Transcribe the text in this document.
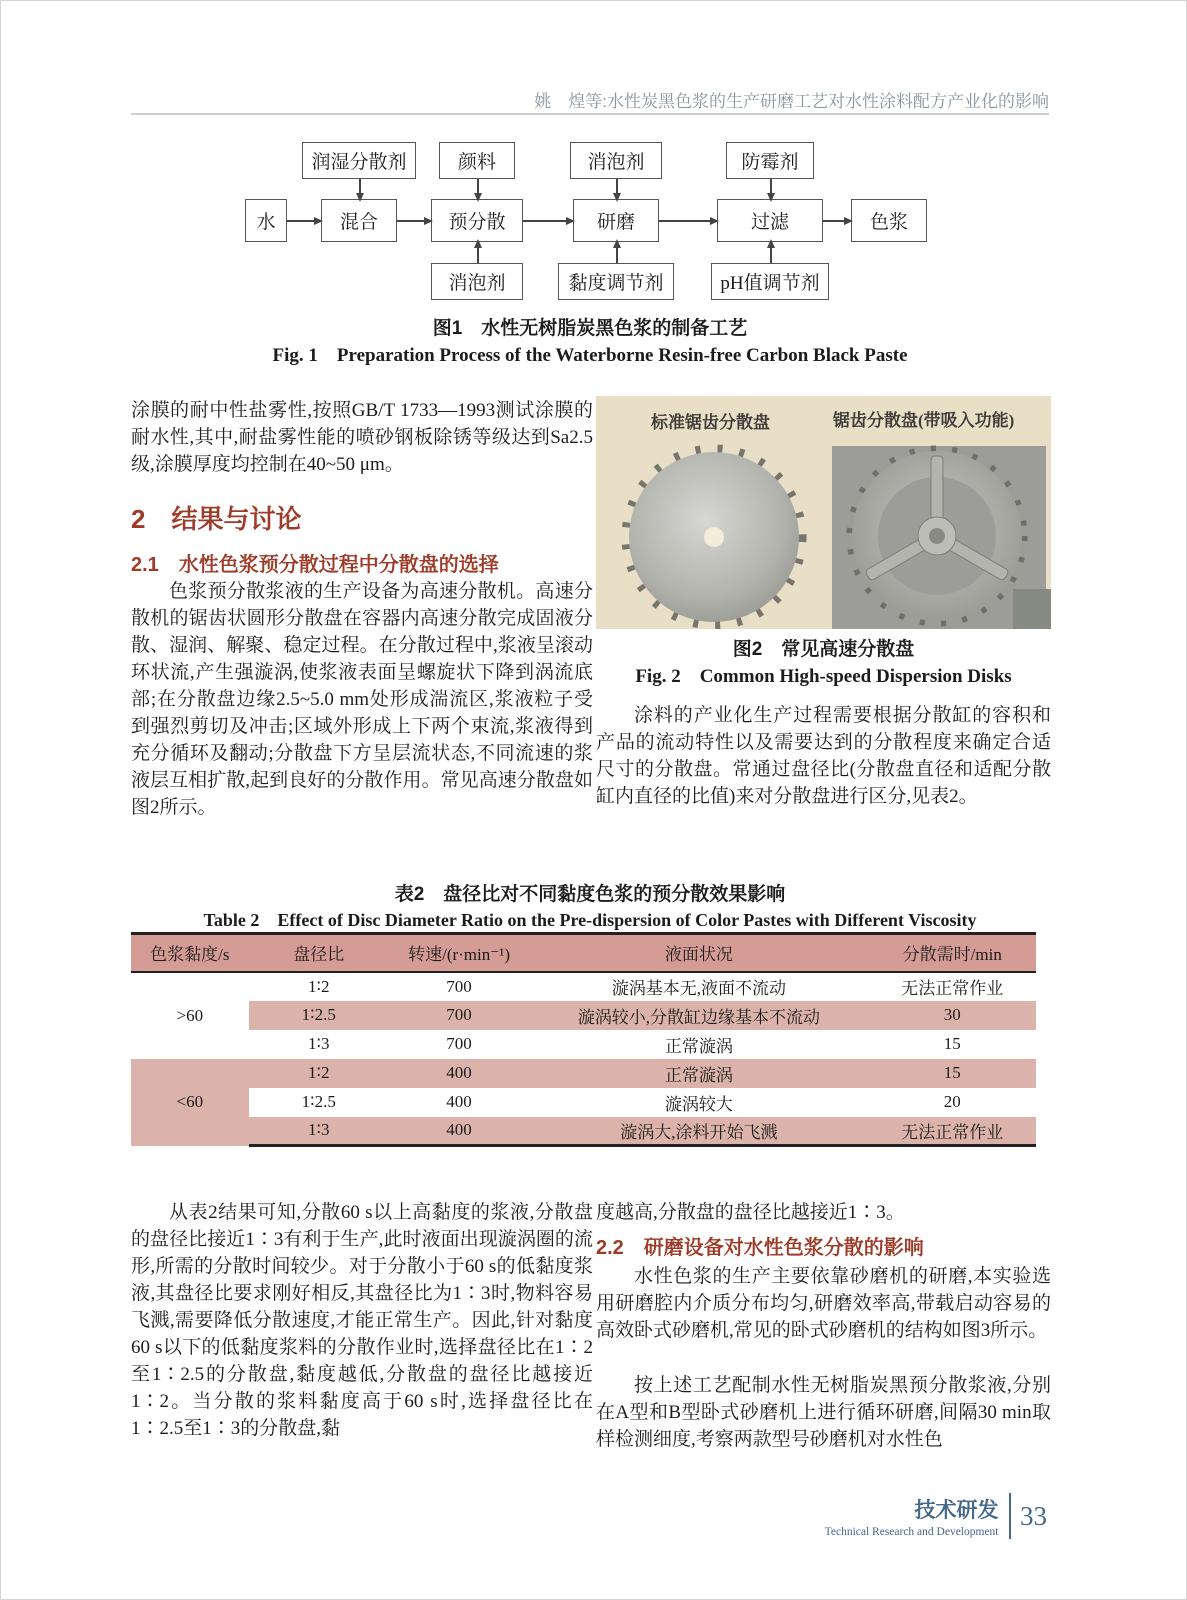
姚　煌等:水性炭黑色浆的生产研磨工艺对水性涂料配方产业化的影响
润湿分散剂	颜料	消泡剂	防霉剂
水	混合	预分散	研磨	过滤	色浆
消泡剂	黏度调节剂	pH值调节剂
图1　水性无树脂炭黑色浆的制备工艺
Fig. 1　Preparation Process of the Waterborne Resin-free Carbon Black Paste
涂膜的耐中性盐雾性,按照GB/T 1733—1993测试涂膜的耐水性,其中,耐盐雾性能的喷砂钢板除锈等级达到Sa2.5级,涂膜厚度均控制在40~50 μm。
2　结果与讨论
2.1　水性色浆预分散过程中分散盘的选择
色浆预分散浆液的生产设备为高速分散机。高速分散机的锯齿状圆形分散盘在容器内高速分散完成固液分散、湿润、解聚、稳定过程。在分散过程中,浆液呈滚动环状流,产生强漩涡,使浆液表面呈螺旋状下降到涡流底部;在分散盘边缘2.5~5.0 mm处形成湍流区,浆液粒子受到强烈剪切及冲击;区域外形成上下两个束流,浆液得到充分循环及翻动;分散盘下方呈层流状态,不同流速的浆液层互相扩散,起到良好的分散作用。常见高速分散盘如图2所示。
标准锯齿分散盘	锯齿分散盘(带吸入功能)
图2　常见高速分散盘
Fig. 2　Common High-speed Dispersion Disks
涂料的产业化生产过程需要根据分散缸的容积和产品的流动特性以及需要达到的分散程度来确定合适尺寸的分散盘。常通过盘径比(分散盘直径和适配分散缸内直径的比值)来对分散盘进行区分,见表2。
表2　盘径比对不同黏度色浆的预分散效果影响
Table 2　Effect of Disc Diameter Ratio on the Pre-dispersion of Color Pastes with Different Viscosity
色浆黏度/s	盘径比	转速/(r·min⁻¹)	液面状况	分散需时/min
>60	1∶2	700	漩涡基本无,液面不流动	无法正常作业
	1∶2.5	700	漩涡较小,分散缸边缘基本不流动	30
	1∶3	700	正常漩涡	15
<60	1∶2	400	正常漩涡	15
	1∶2.5	400	漩涡较大	20
	1∶3	400	漩涡大,涂料开始飞溅	无法正常作业
从表2结果可知,分散60 s以上高黏度的浆液,分散盘的盘径比接近1∶3有利于生产,此时液面出现漩涡圈的流形,所需的分散时间较少。对于分散小于60 s的低黏度浆液,其盘径比要求刚好相反,其盘径比为1∶3时,物料容易飞溅,需要降低分散速度,才能正常生产。因此,针对黏度60 s以下的低黏度浆料的分散作业时,选择盘径比在1∶2至1∶2.5的分散盘,黏度越低,分散盘的盘径比越接近1∶2。当分散的浆料黏度高于60 s时,选择盘径比在1∶2.5至1∶3的分散盘,黏
度越高,分散盘的盘径比越接近1∶3。
2.2　研磨设备对水性色浆分散的影响
水性色浆的生产主要依靠砂磨机的研磨,本实验选用研磨腔内介质分布均匀,研磨效率高,带载启动容易的高效卧式砂磨机,常见的卧式砂磨机的结构如图3所示。
按上述工艺配制水性无树脂炭黑预分散浆液,分别在A型和B型卧式砂磨机上进行循环研磨,间隔30 min取样检测细度,考察两款型号砂磨机对水性色
技术研发
Technical Research and Development
33
